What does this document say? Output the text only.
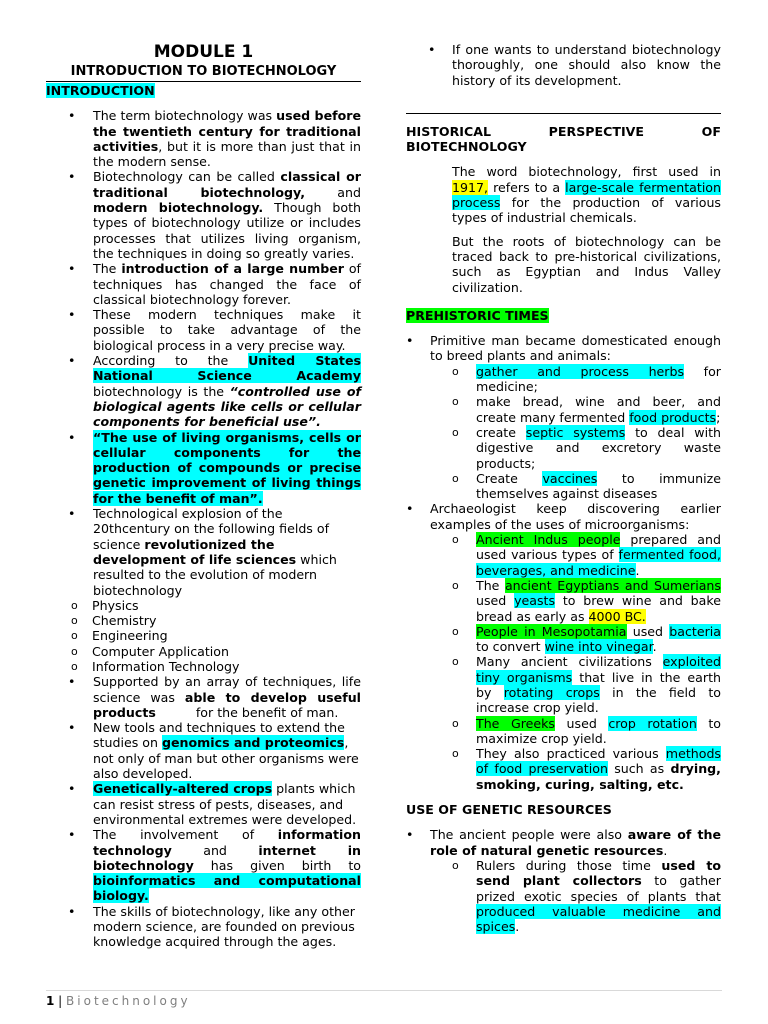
MODULE 1

INTRODUCTION TO BIOTECHNOLOGY

INTRODUCTION

• The term biotechnology was used before the twentieth century for traditional activities, but it is more than just that in the modern sense.
• Biotechnology can be called classical or traditional biotechnology, and modern biotechnology. Though both types of biotechnology utilize or includes processes that utilizes living organism, the techniques in doing so greatly varies.
• The introduction of a large number of techniques has changed the face of classical biotechnology forever.
• These modern techniques make it possible to take advantage of the biological process in a very precise way.
• According to the United States National Science Academy biotechnology is the “controlled use of biological agents like cells or cellular components for beneficial use”.
• “The use of living organisms, cells or cellular components for the production of compounds or precise genetic improvement of living things for the benefit of man”.
• Technological explosion of the 20thcentury on the following fields of science revolutionized the development of life sciences which resulted to the evolution of modern biotechnology
o Physics
o Chemistry
o Engineering
o Computer Application
o Information Technology
• Supported by an array of techniques, life science was able to develop useful products          for the benefit of man.
• New tools and techniques to extend the studies on genomics and proteomics, not only of man but other organisms were also developed.
• Genetically-altered crops plants which can resist stress of pests, diseases, and environmental extremes were developed.
• The involvement of information technology and internet in biotechnology has given birth to bioinformatics and computational biology.
• The skills of biotechnology, like any other modern science, are founded on previous knowledge acquired through the ages.
• If one wants to understand biotechnology thoroughly, one should also know the history of its development.

HISTORICAL PERSPECTIVE OF BIOTECHNOLOGY

The word biotechnology, first used in 1917, refers to a large-scale fermentation process for the production of various types of industrial chemicals.

But the roots of biotechnology can be traced back to pre-historical civilizations, such as Egyptian and Indus Valley civilization.

PREHISTORIC TIMES

• Primitive man became domesticated enough to breed plants and animals:
o gather and process herbs for medicine;
o make bread, wine and beer, and create many fermented food products;
o create septic systems to deal with digestive and excretory waste products;
o Create vaccines to immunize themselves against diseases
• Archaeologist keep discovering earlier examples of the uses of microorganisms:
o Ancient Indus people prepared and used various types of fermented food, beverages, and medicine.
o The ancient Egyptians and Sumerians used yeasts to brew wine and bake bread as early as 4000 BC.
o People in Mesopotamia used bacteria to convert wine into vinegar.
o Many ancient civilizations exploited tiny organisms that live in the earth by rotating crops in the field to increase crop yield.
o The Greeks used crop rotation to maximize crop yield.
o They also practiced various methods of food preservation such as drying, smoking, curing, salting, etc.

USE OF GENETIC RESOURCES

• The ancient people were also aware of the role of natural genetic resources.
o Rulers during those time used to send plant collectors to gather prized exotic species of plants that produced valuable medicine and spices.
1 | Biotechnology
